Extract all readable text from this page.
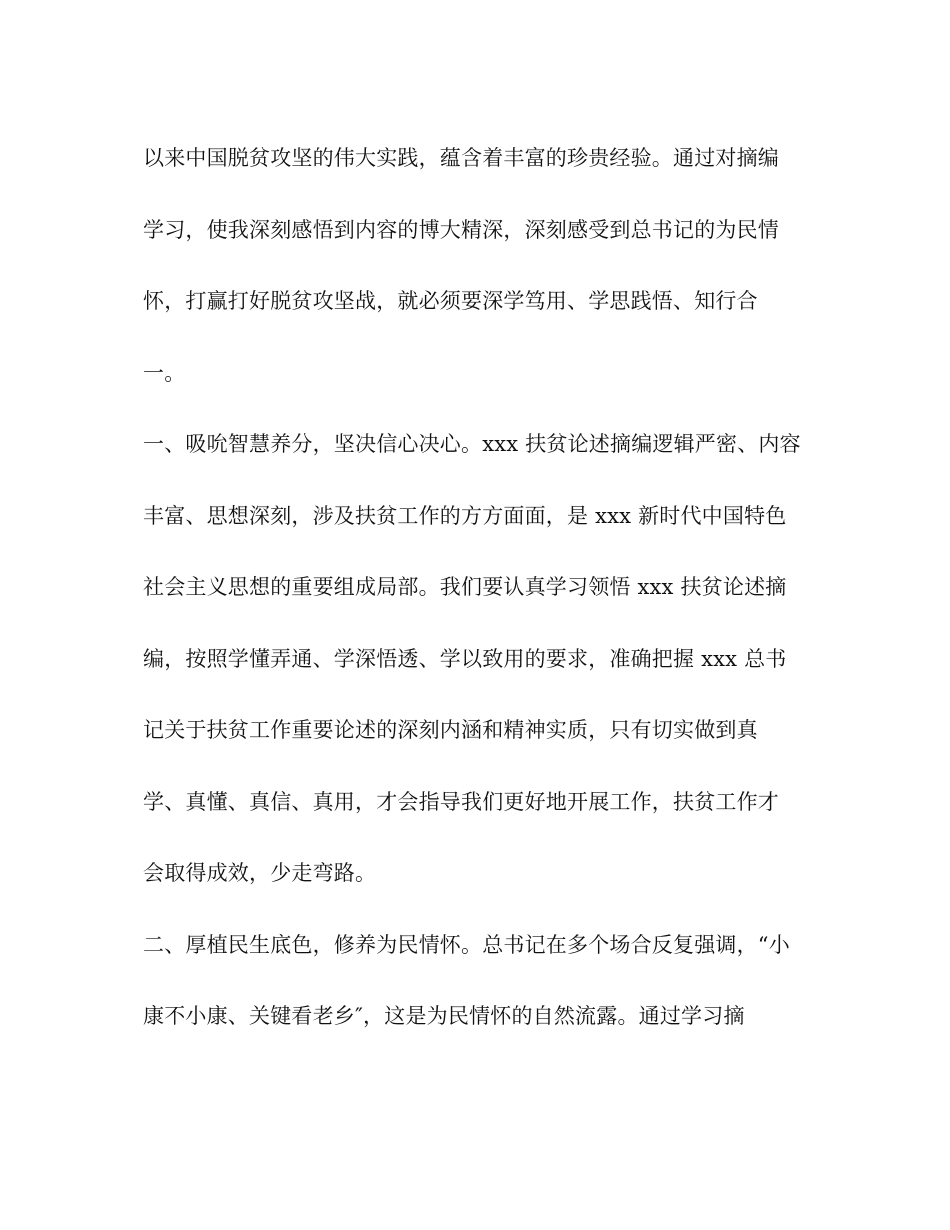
以来中国脱贫攻坚的伟大实践，蕴含着丰富的珍贵经验。通过对摘编
学习，使我深刻感悟到内容的博大精深，深刻感受到总书记的为民情
怀，打赢打好脱贫攻坚战，就必须要深学笃用、学思践悟、知行合
一。
一、吸吮智慧养分，坚决信心决心。xxx 扶贫论述摘编逻辑严密、内容
丰富、思想深刻，涉及扶贫工作的方方面面，是 xxx 新时代中国特色
社会主义思想的重要组成局部。我们要认真学习领悟 xxx 扶贫论述摘
编，按照学懂弄通、学深悟透、学以致用的要求，准确把握 xxx 总书
记关于扶贫工作重要论述的深刻内涵和精神实质，只有切实做到真
学、真懂、真信、真用，才会指导我们更好地开展工作，扶贫工作才
会取得成效，少走弯路。
二、厚植民生底色，修养为民情怀。总书记在多个场合反复强调，“小
康不小康、关键看老乡″，这是为民情怀的自然流露。通过学习摘
